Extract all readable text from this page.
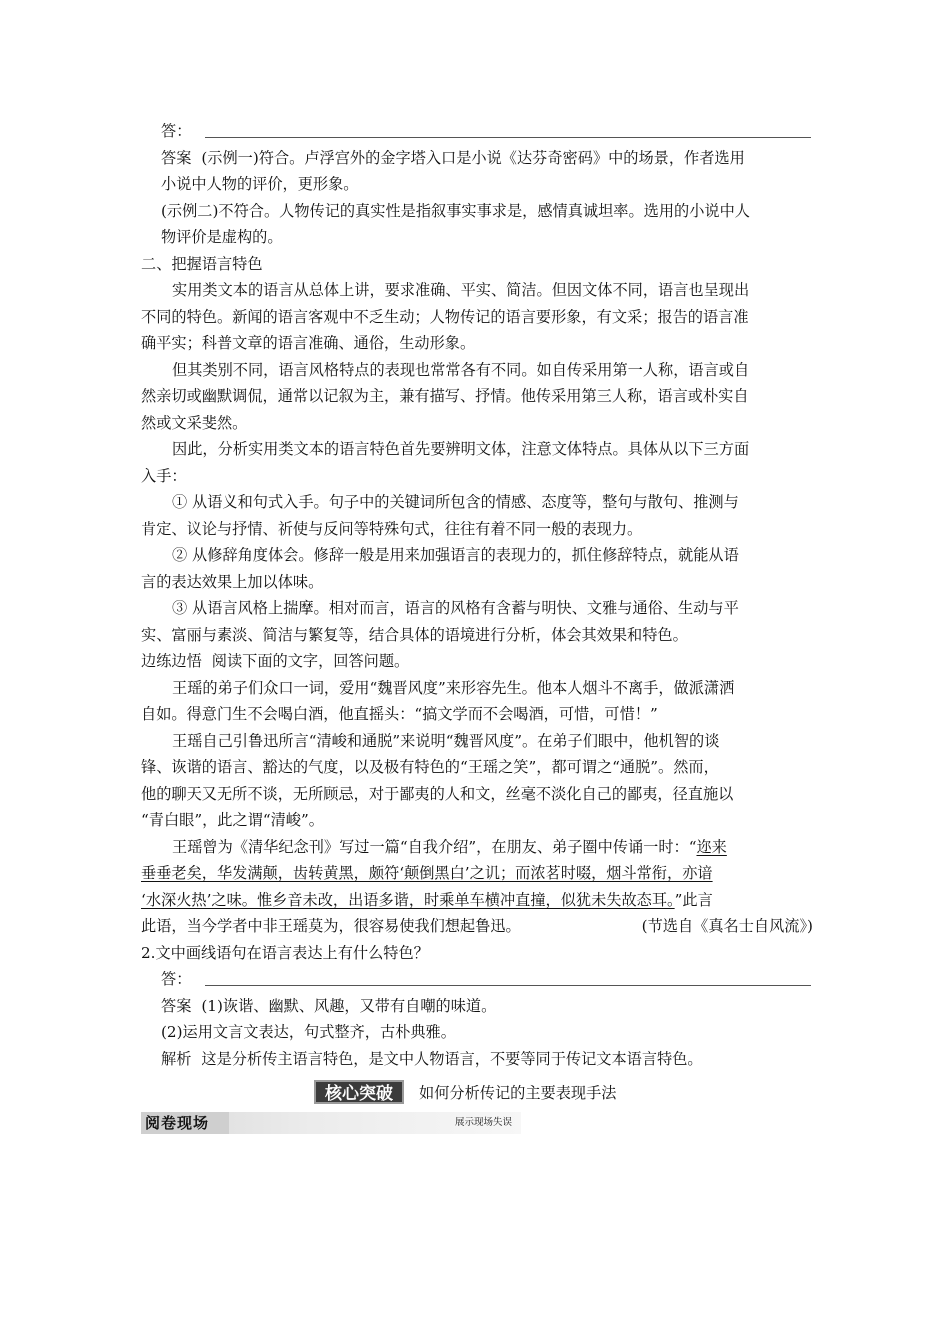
答：
答案 (示例一)符合。卢浮宫外的金字塔入口是小说《达芬奇密码》中的场景，作者选用
小说中人物的评价，更形象。
(示例二)不符合。人物传记的真实性是指叙事实事求是，感情真诚坦率。选用的小说中人
物评价是虚构的。
二、把握语言特色
实用类文本的语言从总体上讲，要求准确、平实、简洁。但因文体不同，语言也呈现出
不同的特色。新闻的语言客观中不乏生动；人物传记的语言要形象，有文采；报告的语言准
确平实；科普文章的语言准确、通俗，生动形象。
但其类别不同，语言风格特点的表现也常常各有不同。如自传采用第一人称，语言或自
然亲切或幽默调侃，通常以记叙为主，兼有描写、抒情。他传采用第三人称，语言或朴实自
然或文采斐然。
因此，分析实用类文本的语言特色首先要辨明文体，注意文体特点。具体从以下三方面
入手：
① 从语义和句式入手。句子中的关键词所包含的情感、态度等，整句与散句、推测与
肯定、议论与抒情、祈使与反问等特殊句式，往往有着不同一般的表现力。
② 从修辞角度体会。修辞一般是用来加强语言的表现力的，抓住修辞特点，就能从语
言的表达效果上加以体味。
③ 从语言风格上揣摩。相对而言，语言的风格有含蓄与明快、文雅与通俗、生动与平
实、富丽与素淡、简洁与繁复等，结合具体的语境进行分析，体会其效果和特色。
边练边悟 阅读下面的文字，回答问题。
王瑶的弟子们众口一词，爱用“魏晋风度”来形容先生。他本人烟斗不离手，做派潇洒
自如。得意门生不会喝白酒，他直摇头：“搞文学而不会喝酒，可惜，可惜！”
王瑶自己引鲁迅所言“清峻和通脱”来说明“魏晋风度”。在弟子们眼中，他机智的谈
锋、诙谐的语言、豁达的气度，以及极有特色的“王瑶之笑”，都可谓之“通脱”。然而，
他的聊天又无所不谈，无所顾忌，对于鄙夷的人和文，丝毫不淡化自己的鄙夷，径直施以
“青白眼”，此之谓“清峻”。
王瑶曾为《清华纪念刊》写过一篇“自我介绍”，在朋友、弟子圈中传诵一时：“迩来
垂垂老矣，华发满颠，齿转黄黑，颇符‘颠倒黑白’之讥；而浓茗时啜，烟斗常衔，亦谙
‘水深火热’之味。惟乡音未改，出语多谐，时乘单车横冲直撞，似犹未失故态耳。”此言
此语，当今学者中非王瑶莫为，很容易使我们想起鲁迅。	(节选自《真名士自风流》)
2.文中画线语句在语言表达上有什么特色？
答：
答案 (1)诙谐、幽默、风趣，又带有自嘲的味道。
(2)运用文言文表达，句式整齐，古朴典雅。
解析 这是分析传主语言特色，是文中人物语言，不要等同于传记文本语言特色。
核心突破	如何分析传记的主要表现手法
阅卷现场	展示现场失误
